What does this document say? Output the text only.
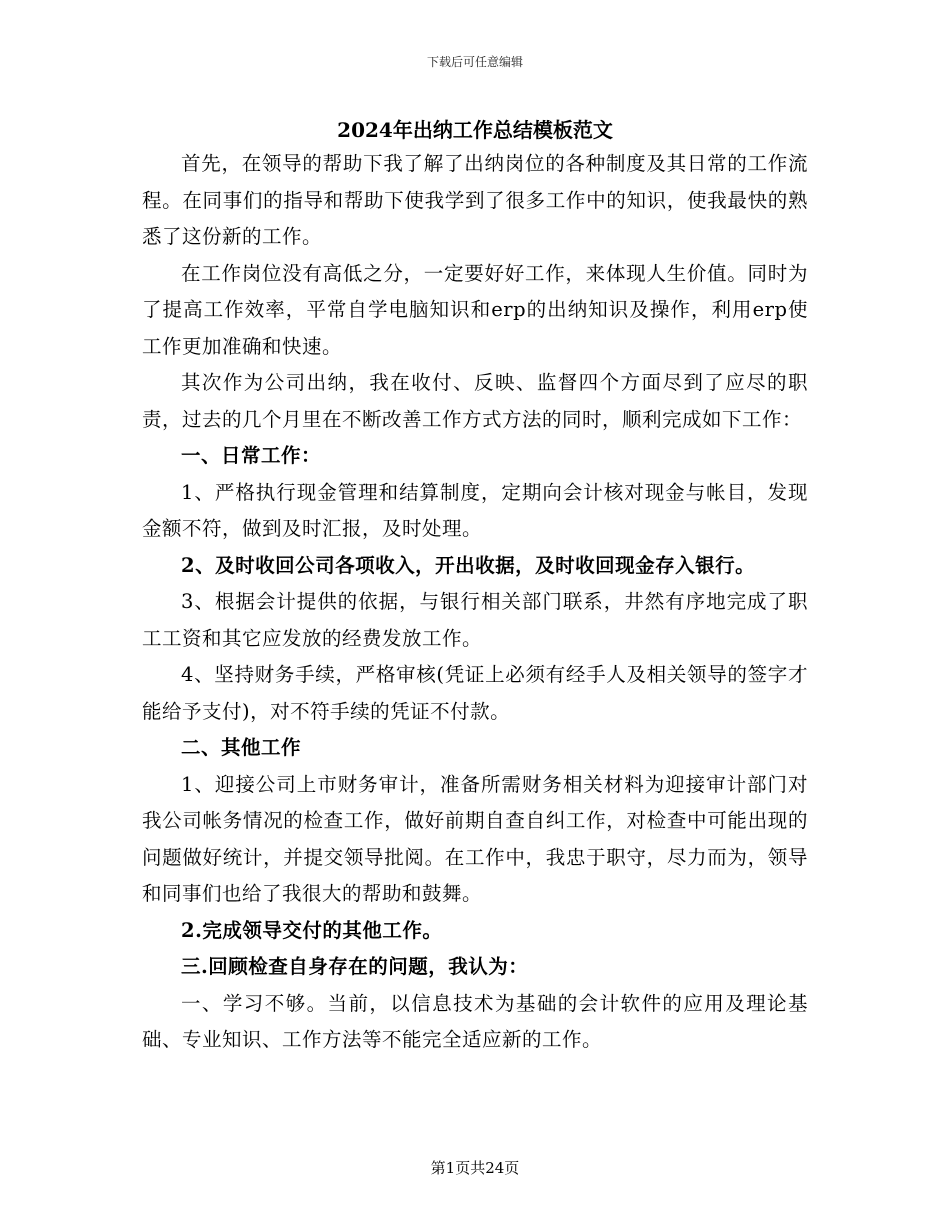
下载后可任意编辑
2024年出纳工作总结模板范文

首先，在领导的帮助下我了解了出纳岗位的各种制度及其日常的工作流程。在同事们的指导和帮助下使我学到了很多工作中的知识，使我最快的熟悉了这份新的工作。

在工作岗位没有高低之分，一定要好好工作，来体现人生价值。同时为了提高工作效率，平常自学电脑知识和erp的出纳知识及操作，利用erp使工作更加准确和快速。

其次作为公司出纳，我在收付、反映、监督四个方面尽到了应尽的职责，过去的几个月里在不断改善工作方式方法的同时，顺利完成如下工作：

一、日常工作：

1、严格执行现金管理和结算制度，定期向会计核对现金与帐目，发现金额不符，做到及时汇报，及时处理。

2、及时收回公司各项收入，开出收据，及时收回现金存入银行。

3、根据会计提供的依据，与银行相关部门联系，井然有序地完成了职工工资和其它应发放的经费发放工作。

4、坚持财务手续，严格审核(凭证上必须有经手人及相关领导的签字才能给予支付)，对不符手续的凭证不付款。

二、其他工作

1、迎接公司上市财务审计，准备所需财务相关材料为迎接审计部门对我公司帐务情况的检查工作，做好前期自查自纠工作，对检查中可能出现的问题做好统计，并提交领导批阅。在工作中，我忠于职守，尽力而为，领导和同事们也给了我很大的帮助和鼓舞。

2.完成领导交付的其他工作。

三.回顾检查自身存在的问题，我认为：

一、学习不够。当前，以信息技术为基础的会计软件的应用及理论基础、专业知识、工作方法等不能完全适应新的工作。

第1页共24页
